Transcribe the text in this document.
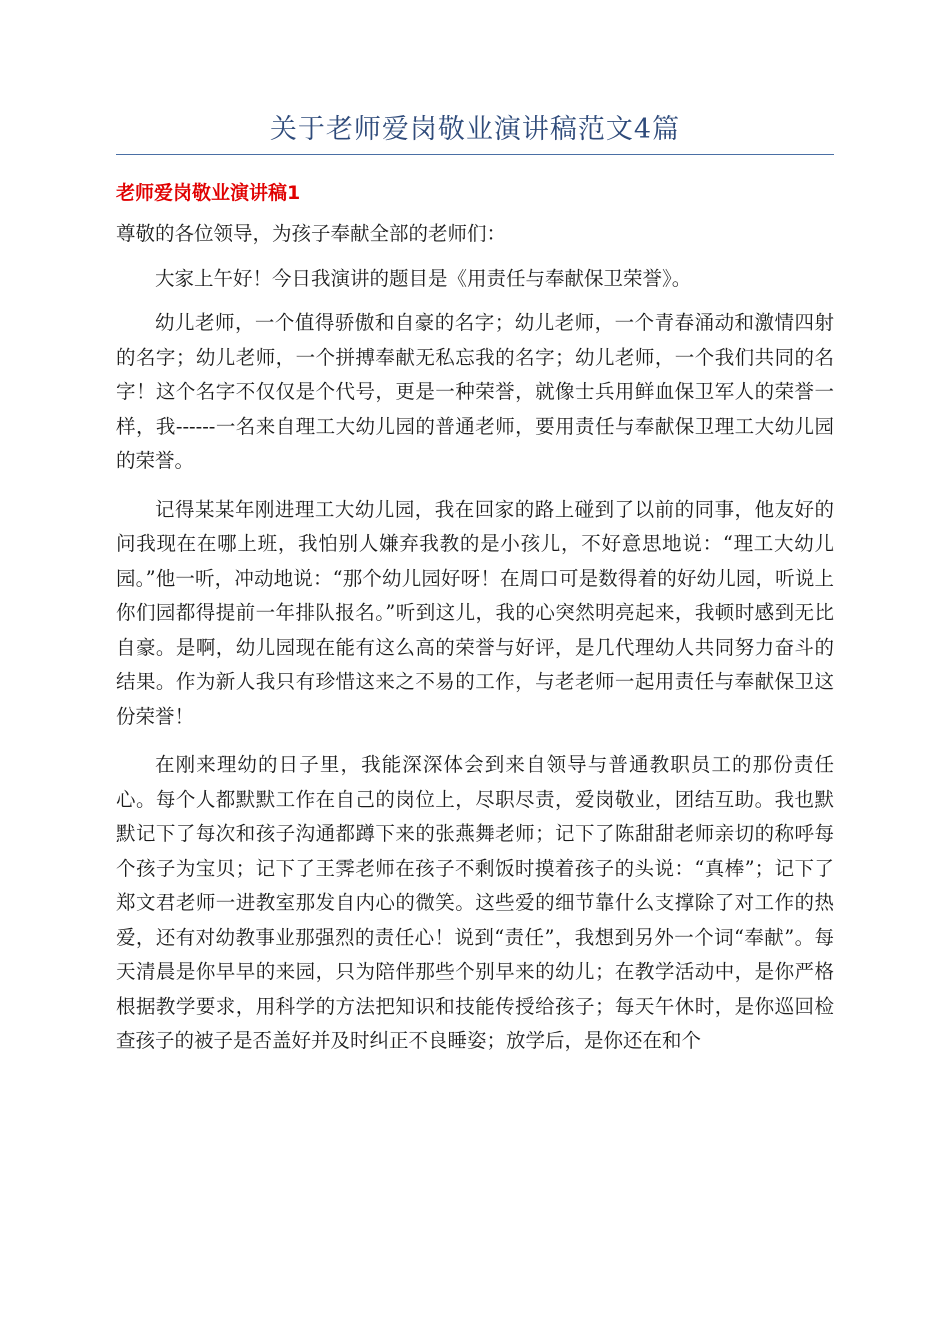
关于老师爱岗敬业演讲稿范文4篇
老师爱岗敬业演讲稿1

尊敬的各位领导，为孩子奉献全部的老师们：

大家上午好！今日我演讲的题目是《用责任与奉献保卫荣誉》。

幼儿老师，一个值得骄傲和自豪的名字；幼儿老师，一个青春涌动和激情四射的名字；幼儿老师，一个拼搏奉献无私忘我的名字；幼儿老师，一个我们共同的名字！这个名字不仅仅是个代号，更是一种荣誉，就像士兵用鲜血保卫军人的荣誉一样，我------一名来自理工大幼儿园的普通老师，要用责任与奉献保卫理工大幼儿园的荣誉。

记得某某年刚进理工大幼儿园，我在回家的路上碰到了以前的同事，他友好的问我现在在哪上班，我怕别人嫌弃我教的是小孩儿，不好意思地说：“理工大幼儿园。”他一听，冲动地说：“那个幼儿园好呀！在周口可是数得着的好幼儿园，听说上你们园都得提前一年排队报名。”听到这儿，我的心突然明亮起来，我顿时感到无比自豪。是啊，幼儿园现在能有这么高的荣誉与好评，是几代理幼人共同努力奋斗的结果。作为新人我只有珍惜这来之不易的工作，与老老师一起用责任与奉献保卫这份荣誉！

在刚来理幼的日子里，我能深深体会到来自领导与普通教职员工的那份责任心。每个人都默默工作在自己的岗位上，尽职尽责，爱岗敬业，团结互助。我也默默记下了每次和孩子沟通都蹲下来的张燕舞老师；记下了陈甜甜老师亲切的称呼每个孩子为宝贝；记下了王霁老师在孩子不剩饭时摸着孩子的头说：“真棒”；记下了郑文君老师一进教室那发自内心的微笑。这些爱的细节靠什么支撑除了对工作的热爱，还有对幼教事业那强烈的责任心！说到“责任”，我想到另外一个词“奉献”。每天清晨是你早早的来园，只为陪伴那些个别早来的幼儿；在教学活动中，是你严格根据教学要求，用科学的方法把知识和技能传授给孩子；每天午休时，是你巡回检查孩子的被子是否盖好并及时纠正不良睡姿；放学后，是你还在和个
